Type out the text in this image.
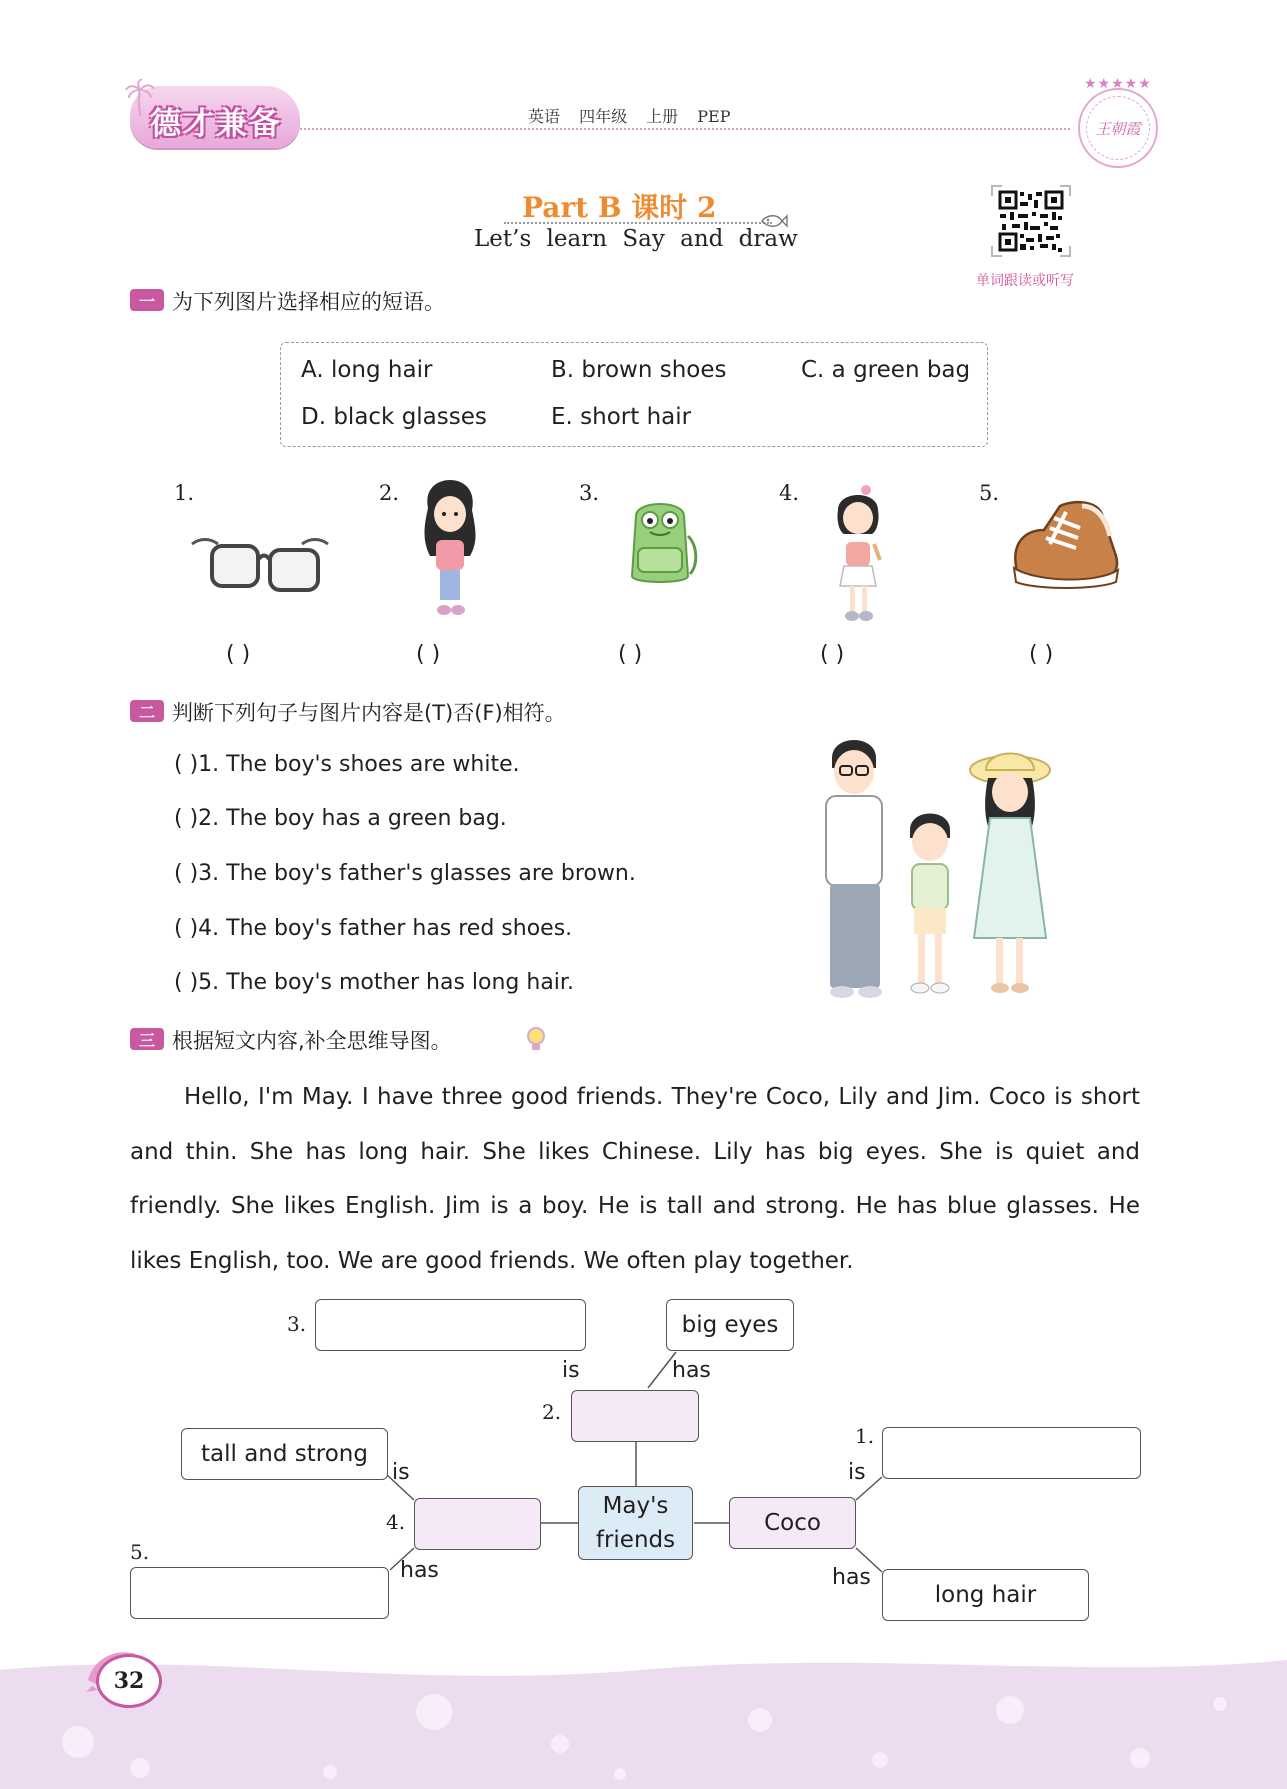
德才兼备	英语 四年级 上册 PEP
★★★★★
王朝霞
Part B 课时 2
Let’s learn Say and draw
单词跟读或听写
一 为下列图片选择相应的短语。
A. long hair	B. brown shoes	C. a green bag
D. black glasses	E. short hair
1.	2.	3.	4.	5.
( )	( )	( )	( )	( )
二 判断下列句子与图片内容是(T)否(F)相符。
( )1. The boy's shoes are white.
( )2. The boy has a green bag.
( )3. The boy's father's glasses are brown.
( )4. The boy's father has red shoes.
( )5. The boy's mother has long hair.
三 根据短文内容,补全思维导图。

Hello, I'm May. I have three good friends. They're Coco, Lily and Jim. Coco is short and thin. She has long hair. She likes Chinese. Lily has big eyes. She is quiet and friendly. She likes English. Jim is a boy. He is tall and strong. He has blue glasses. He likes English, too. We are good friends. We often play together.

3.	big eyes
is	has
2.
tall and strong
is
1.
is
4.
May's
friends
Coco
5.
has	has
long hair
32
